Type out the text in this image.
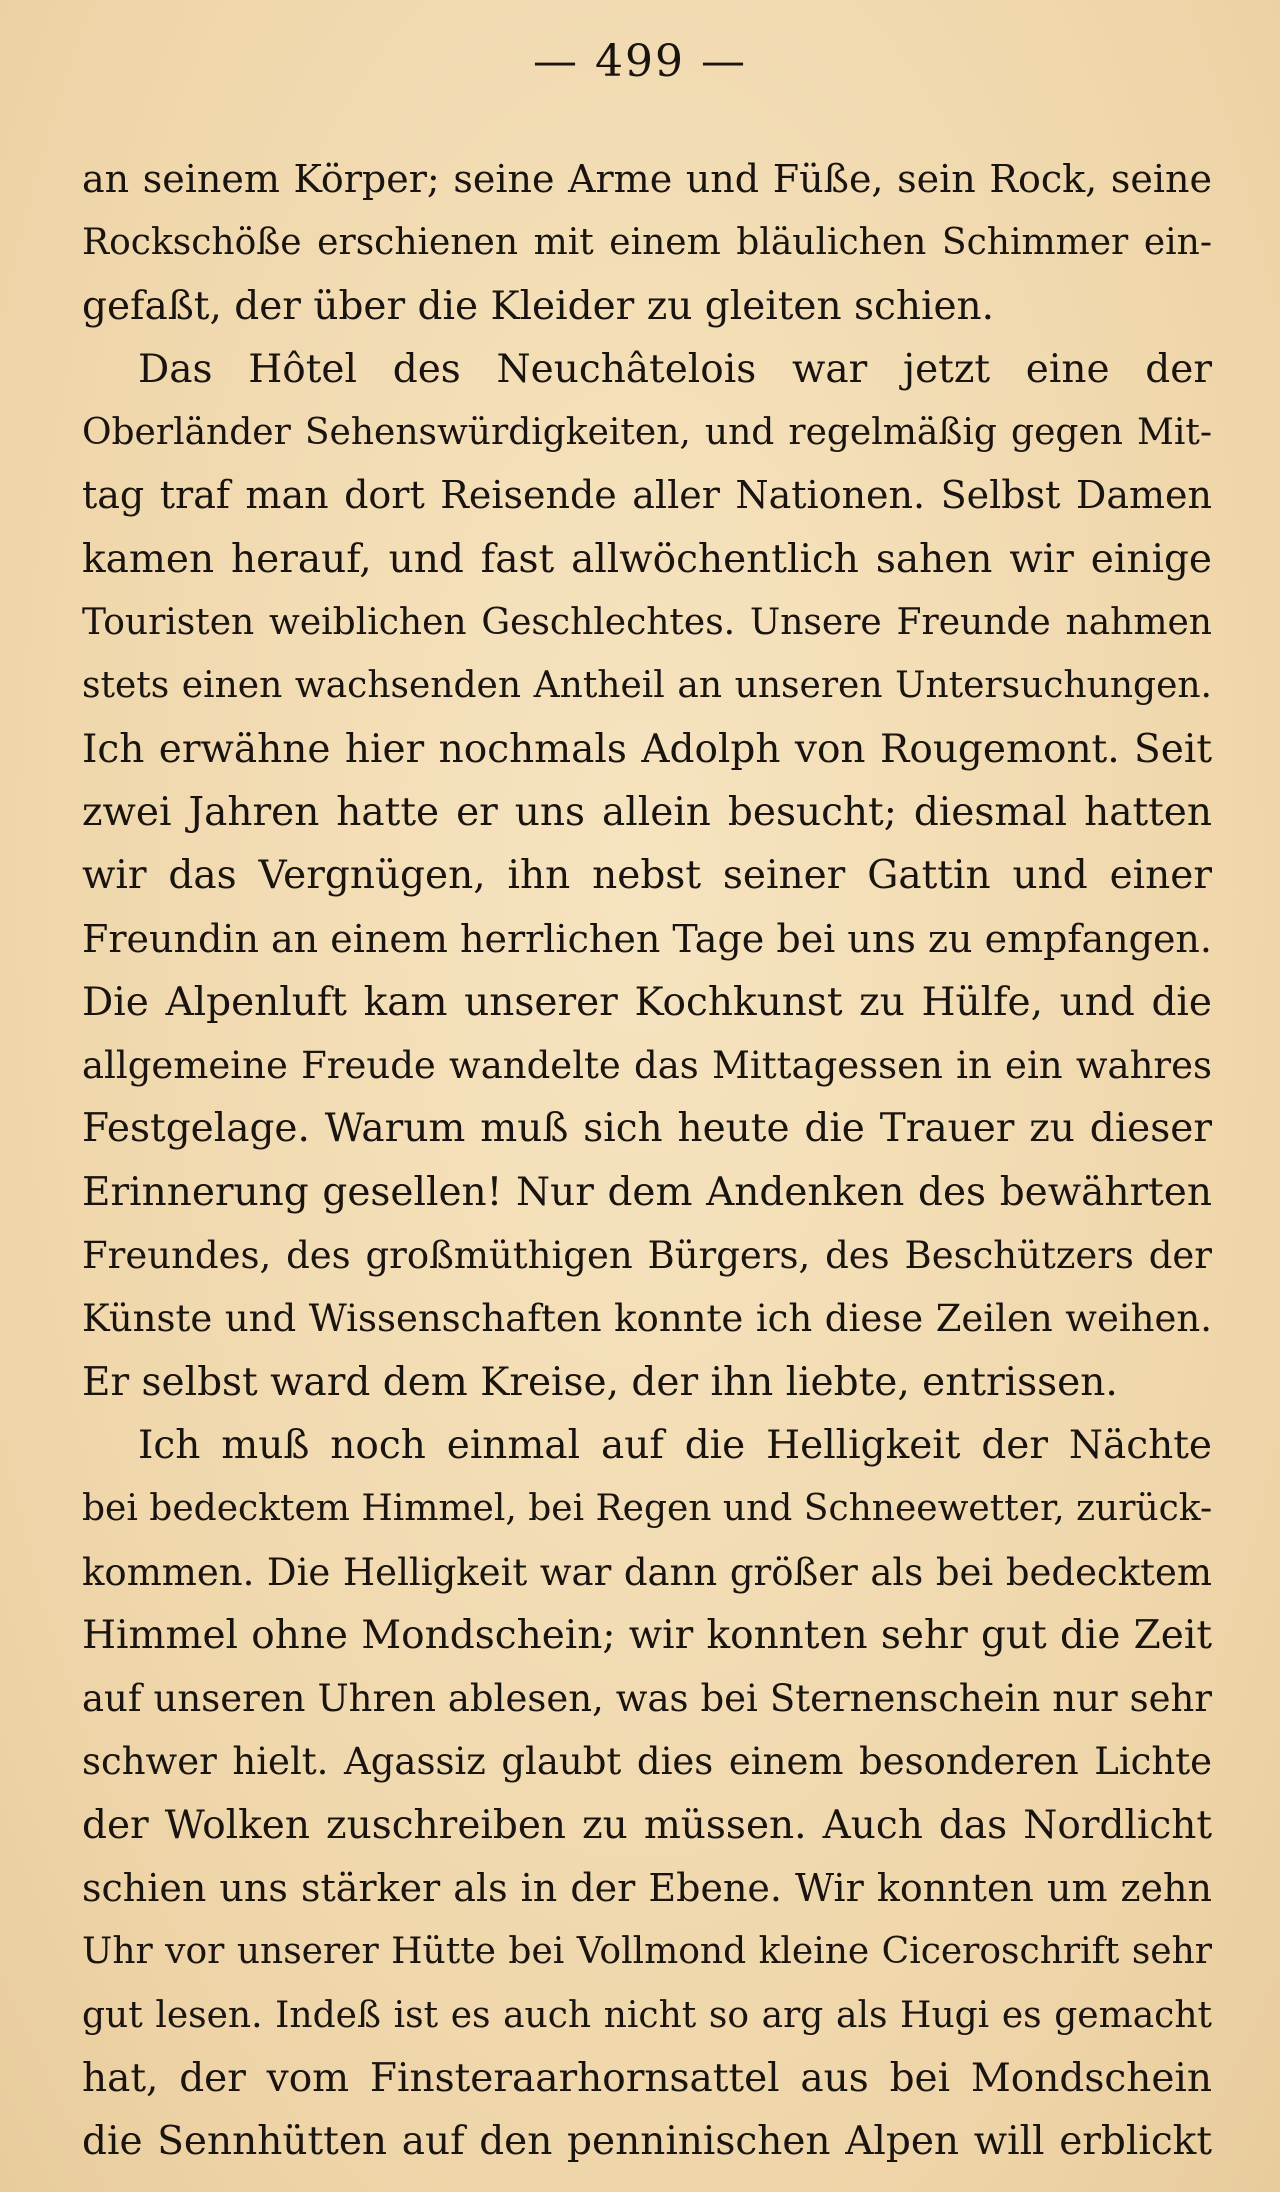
— 499 —
an seinem Körper; seine Arme und Füße, sein Rock, seine
Rockschöße erschienen mit einem bläulichen Schimmer ein-
gefaßt, der über die Kleider zu gleiten schien.
Das Hôtel des Neuchâtelois war jetzt eine der
Oberländer Sehenswürdigkeiten, und regelmäßig gegen Mit-
tag traf man dort Reisende aller Nationen. Selbst Damen
kamen herauf, und fast allwöchentlich sahen wir einige
Touristen weiblichen Geschlechtes. Unsere Freunde nahmen
stets einen wachsenden Antheil an unseren Untersuchungen.
Ich erwähne hier nochmals Adolph von Rougemont. Seit
zwei Jahren hatte er uns allein besucht; diesmal hatten
wir das Vergnügen, ihn nebst seiner Gattin und einer
Freundin an einem herrlichen Tage bei uns zu empfangen.
Die Alpenluft kam unserer Kochkunst zu Hülfe, und die
allgemeine Freude wandelte das Mittagessen in ein wahres
Festgelage. Warum muß sich heute die Trauer zu dieser
Erinnerung gesellen! Nur dem Andenken des bewährten
Freundes, des großmüthigen Bürgers, des Beschützers der
Künste und Wissenschaften konnte ich diese Zeilen weihen.
Er selbst ward dem Kreise, der ihn liebte, entrissen.
Ich muß noch einmal auf die Helligkeit der Nächte
bei bedecktem Himmel, bei Regen und Schneewetter, zurück-
kommen. Die Helligkeit war dann größer als bei bedecktem
Himmel ohne Mondschein; wir konnten sehr gut die Zeit
auf unseren Uhren ablesen, was bei Sternenschein nur sehr
schwer hielt. Agassiz glaubt dies einem besonderen Lichte
der Wolken zuschreiben zu müssen. Auch das Nordlicht
schien uns stärker als in der Ebene. Wir konnten um zehn
Uhr vor unserer Hütte bei Vollmond kleine Ciceroschrift sehr
gut lesen. Indeß ist es auch nicht so arg als Hugi es gemacht
hat, der vom Finsteraarhornsattel aus bei Mondschein
die Sennhütten auf den penninischen Alpen will erblickt
